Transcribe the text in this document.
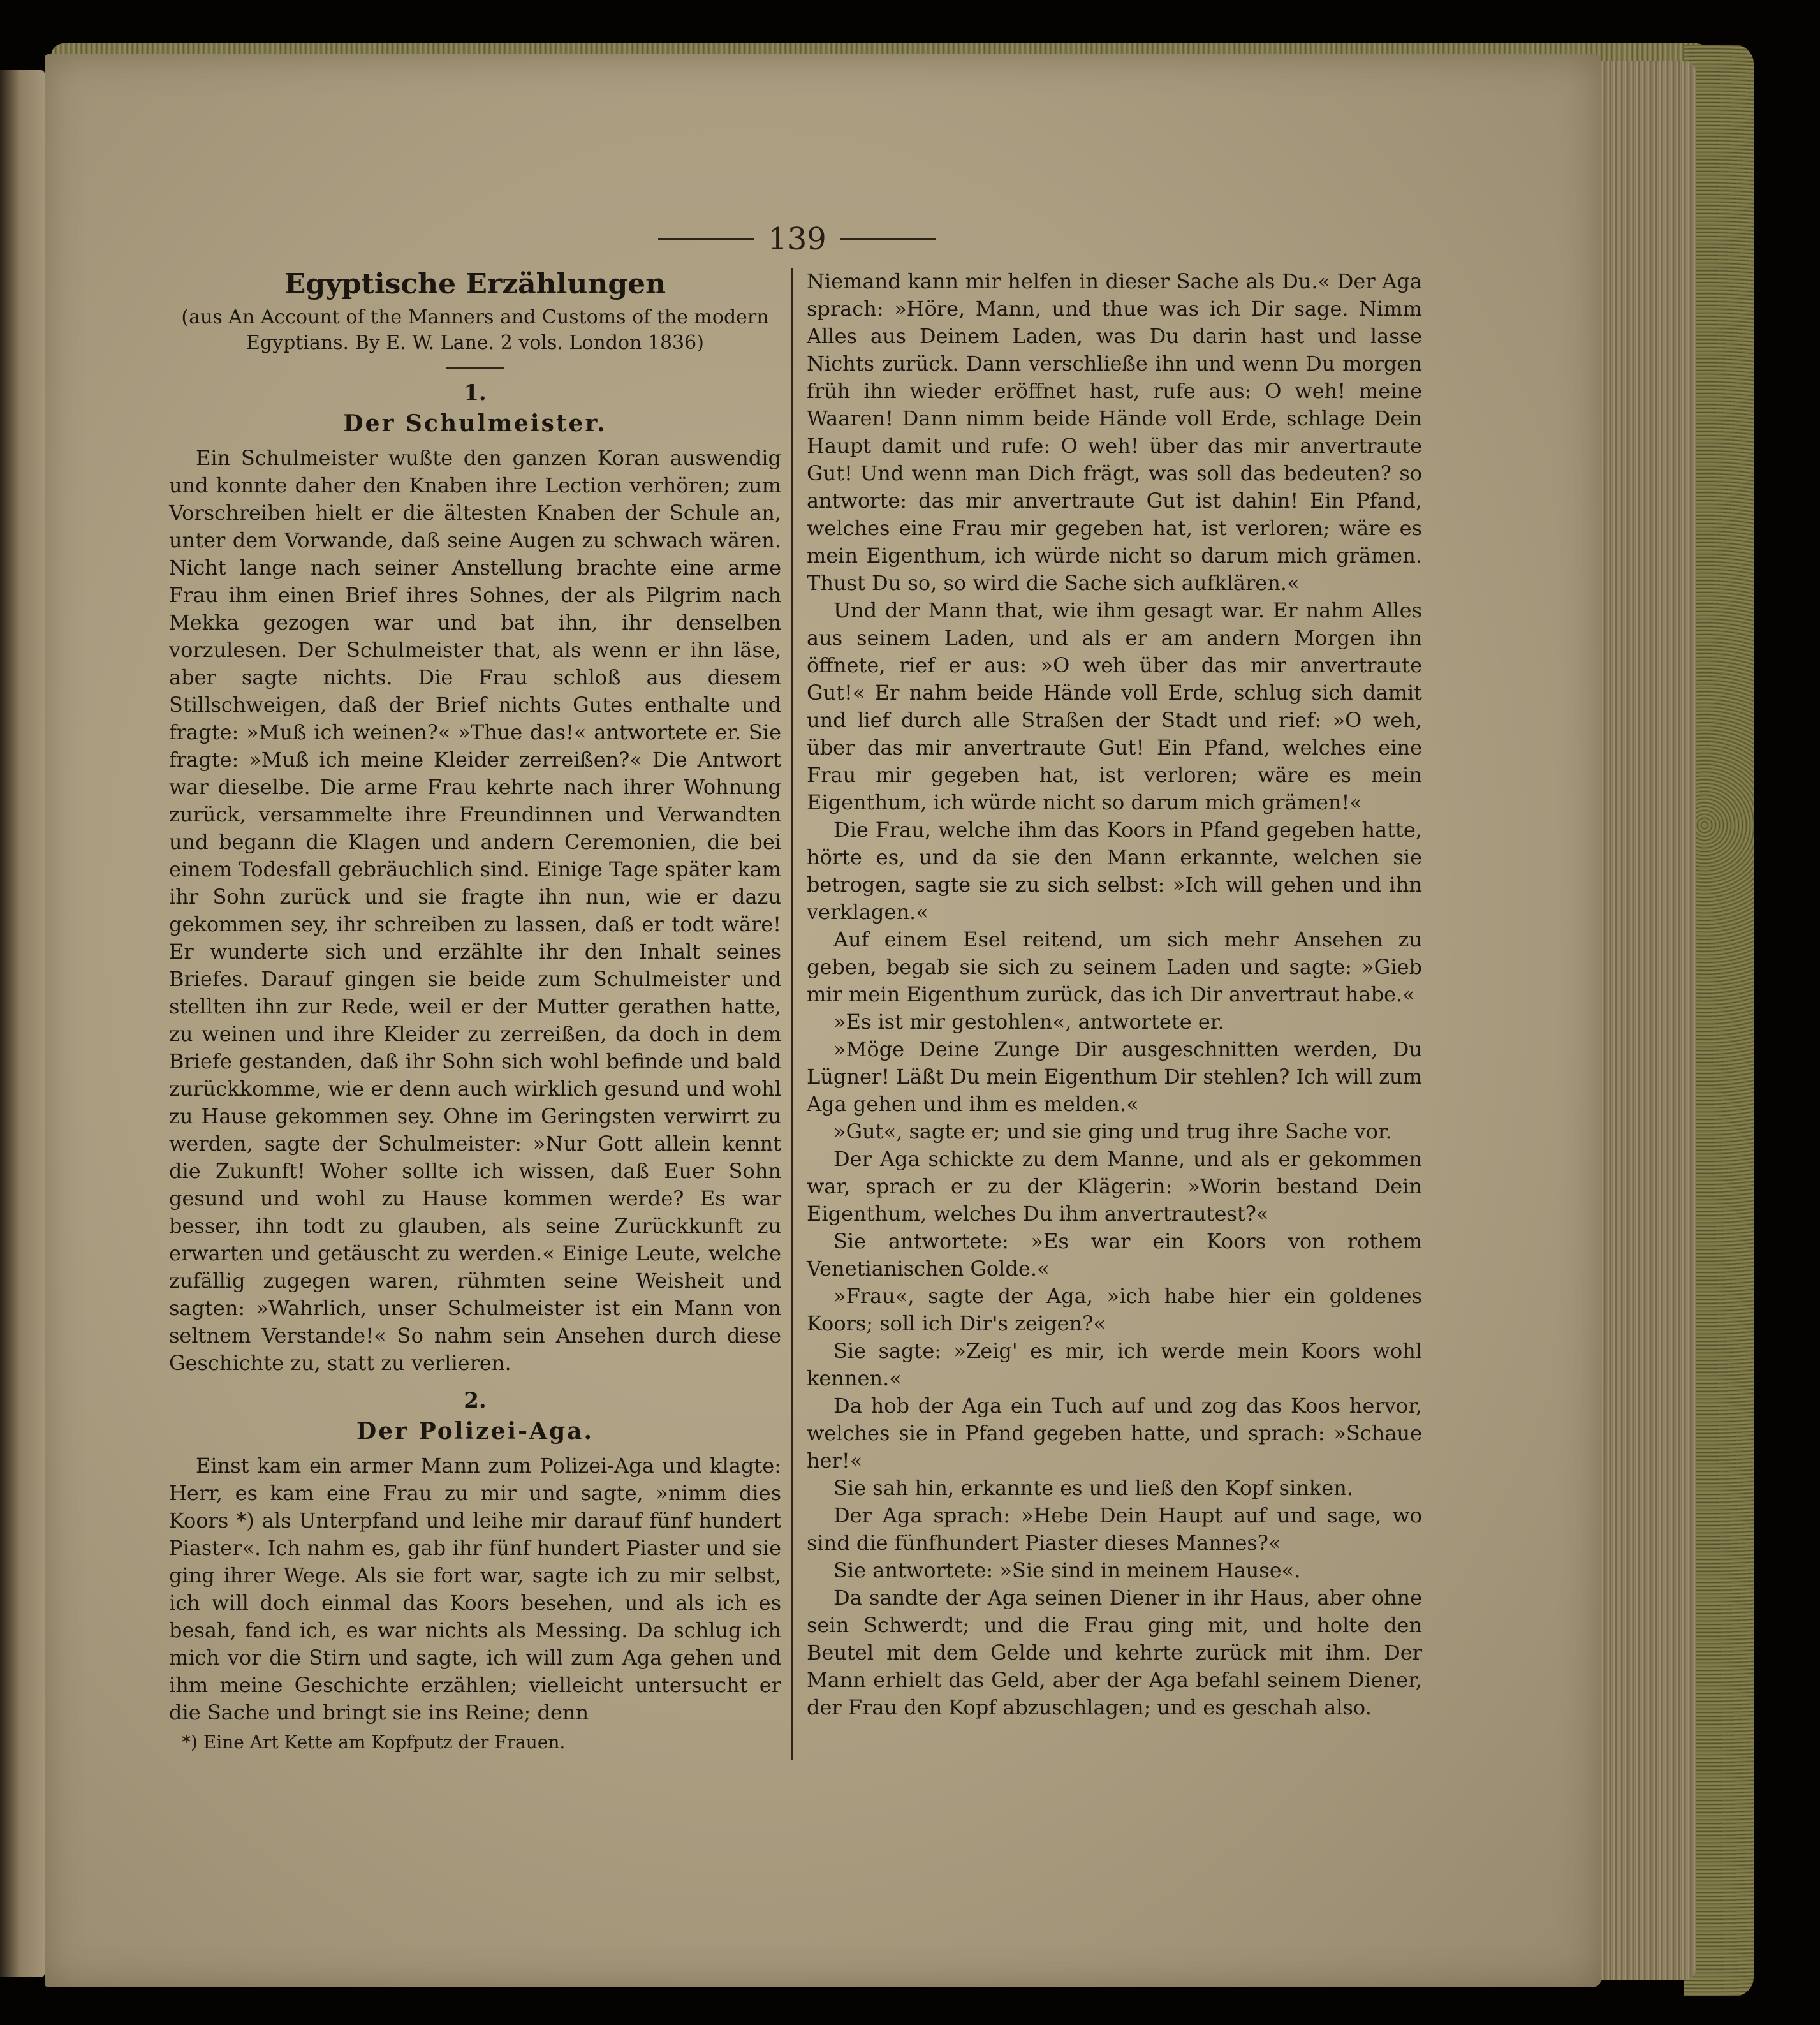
139
Egyptische Erzählungen
(aus An Account of the Manners and Customs of the modern Egyptians. By E. W. Lane. 2 vols. London 1836)
1.
Der Schulmeister.

Ein Schulmeister wußte den ganzen Koran auswendig und konnte daher den Knaben ihre Lection verhören; zum Vorschreiben hielt er die ältesten Knaben der Schule an, unter dem Vorwande, daß seine Augen zu schwach wären. Nicht lange nach seiner Anstellung brachte eine arme Frau ihm einen Brief ihres Sohnes, der als Pilgrim nach Mekka gezogen war und bat ihn, ihr denselben vorzulesen. Der Schulmeister that, als wenn er ihn läse, aber sagte nichts. Die Frau schloß aus diesem Stillschweigen, daß der Brief nichts Gutes enthalte und fragte: »Muß ich weinen?« »Thue das!« antwortete er. Sie fragte: »Muß ich meine Kleider zerreißen?« Die Antwort war dieselbe. Die arme Frau kehrte nach ihrer Wohnung zurück, versammelte ihre Freundinnen und Verwandten und begann die Klagen und andern Ceremonien, die bei einem Todesfall gebräuchlich sind. Einige Tage später kam ihr Sohn zurück und sie fragte ihn nun, wie er dazu gekommen sey, ihr schreiben zu lassen, daß er todt wäre! Er wunderte sich und erzählte ihr den Inhalt seines Briefes. Darauf gingen sie beide zum Schulmeister und stellten ihn zur Rede, weil er der Mutter gerathen hatte, zu weinen und ihre Kleider zu zerreißen, da doch in dem Briefe gestanden, daß ihr Sohn sich wohl befinde und bald zurückkomme, wie er denn auch wirklich gesund und wohl zu Hause gekommen sey. Ohne im Geringsten verwirrt zu werden, sagte der Schulmeister: »Nur Gott allein kennt die Zukunft! Woher sollte ich wissen, daß Euer Sohn gesund und wohl zu Hause kommen werde? Es war besser, ihn todt zu glauben, als seine Zurückkunft zu erwarten und getäuscht zu werden.« Einige Leute, welche zufällig zugegen waren, rühmten seine Weisheit und sagten: »Wahrlich, unser Schulmeister ist ein Mann von seltnem Verstande!« So nahm sein Ansehen durch diese Geschichte zu, statt zu verlieren.

2.
Der Polizei-Aga.

Einst kam ein armer Mann zum Polizei-Aga und klagte: Herr, es kam eine Frau zu mir und sagte, »nimm dies Koors *) als Unterpfand und leihe mir darauf fünf hundert Piaster«. Ich nahm es, gab ihr fünf hundert Piaster und sie ging ihrer Wege. Als sie fort war, sagte ich zu mir selbst, ich will doch einmal das Koors besehen, und als ich es besah, fand ich, es war nichts als Messing. Da schlug ich mich vor die Stirn und sagte, ich will zum Aga gehen und ihm meine Geschichte erzählen; vielleicht untersucht er die Sache und bringt sie ins Reine; denn

*) Eine Art Kette am Kopfputz der Frauen.

Niemand kann mir helfen in dieser Sache als Du.« Der Aga sprach: »Höre, Mann, und thue was ich Dir sage. Nimm Alles aus Deinem Laden, was Du darin hast und lasse Nichts zurück. Dann verschließe ihn und wenn Du morgen früh ihn wieder eröffnet hast, rufe aus: O weh! meine Waaren! Dann nimm beide Hände voll Erde, schlage Dein Haupt damit und rufe: O weh! über das mir anvertraute Gut! Und wenn man Dich frägt, was soll das bedeuten? so antworte: das mir anvertraute Gut ist dahin! Ein Pfand, welches eine Frau mir gegeben hat, ist verloren; wäre es mein Eigenthum, ich würde nicht so darum mich grämen. Thust Du so, so wird die Sache sich aufklären.«

Und der Mann that, wie ihm gesagt war. Er nahm Alles aus seinem Laden, und als er am andern Morgen ihn öffnete, rief er aus: »O weh über das mir anvertraute Gut!« Er nahm beide Hände voll Erde, schlug sich damit und lief durch alle Straßen der Stadt und rief: »O weh, über das mir anvertraute Gut! Ein Pfand, welches eine Frau mir gegeben hat, ist verloren; wäre es mein Eigenthum, ich würde nicht so darum mich grämen!«

Die Frau, welche ihm das Koors in Pfand gegeben hatte, hörte es, und da sie den Mann erkannte, welchen sie betrogen, sagte sie zu sich selbst: »Ich will gehen und ihn verklagen.«

Auf einem Esel reitend, um sich mehr Ansehen zu geben, begab sie sich zu seinem Laden und sagte: »Gieb mir mein Eigenthum zurück, das ich Dir anvertraut habe.«

»Es ist mir gestohlen«, antwortete er.

»Möge Deine Zunge Dir ausgeschnitten werden, Du Lügner! Läßt Du mein Eigenthum Dir stehlen? Ich will zum Aga gehen und ihm es melden.«

»Gut«, sagte er; und sie ging und trug ihre Sache vor.

Der Aga schickte zu dem Manne, und als er gekommen war, sprach er zu der Klägerin: »Worin bestand Dein Eigenthum, welches Du ihm anvertrautest?«

Sie antwortete: »Es war ein Koors von rothem Venetianischen Golde.«

»Frau«, sagte der Aga, »ich habe hier ein goldenes Koors; soll ich Dir's zeigen?«

Sie sagte: »Zeig' es mir, ich werde mein Koors wohl kennen.«

Da hob der Aga ein Tuch auf und zog das Koos hervor, welches sie in Pfand gegeben hatte, und sprach: »Schaue her!«

Sie sah hin, erkannte es und ließ den Kopf sinken.

Der Aga sprach: »Hebe Dein Haupt auf und sage, wo sind die fünfhundert Piaster dieses Mannes?«

Sie antwortete: »Sie sind in meinem Hause«.

Da sandte der Aga seinen Diener in ihr Haus, aber ohne sein Schwerdt; und die Frau ging mit, und holte den Beutel mit dem Gelde und kehrte zurück mit ihm. Der Mann erhielt das Geld, aber der Aga befahl seinem Diener, der Frau den Kopf abzuschlagen; und es geschah also.
